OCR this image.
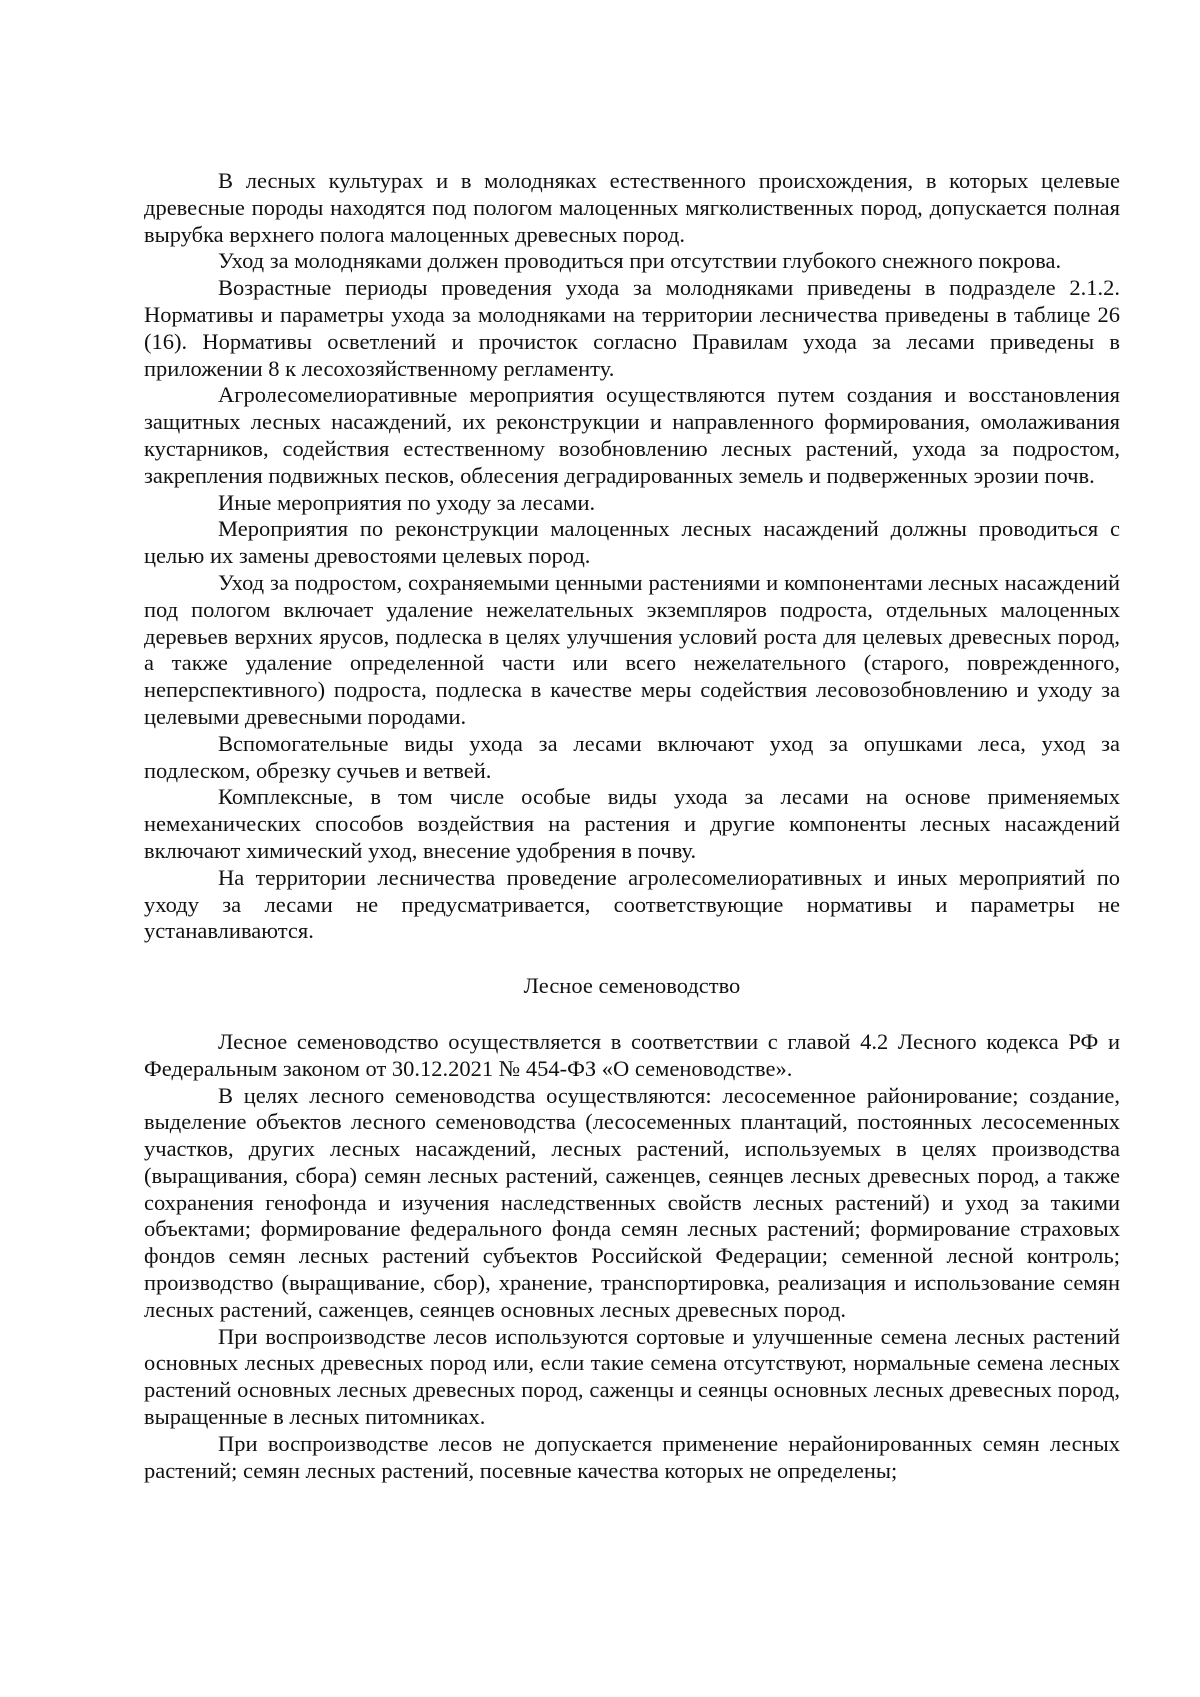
В лесных культурах и в молодняках естественного происхождения, в которых целевые древесные породы находятся под пологом малоценных мягколиственных пород, допускается полная вырубка верхнего полога малоценных древесных пород.

Уход за молодняками должен проводиться при отсутствии глубокого снежного покрова.

Возрастные периоды проведения ухода за молодняками приведены в подразделе 2.1.2. Нормативы и параметры ухода за молодняками на территории лесничества приведены в таблице 26 (16). Нормативы осветлений и прочисток согласно Правилам ухода за лесами приведены в приложении 8 к лесохозяйственному регламенту.

Агролесомелиоративные мероприятия осуществляются путем создания и восстановления защитных лесных насаждений, их реконструкции и направленного формирования, омолаживания кустарников, содействия естественному возобновлению лесных растений, ухода за подростом, закрепления подвижных песков, облесения деградированных земель и подверженных эрозии почв.

Иные мероприятия по уходу за лесами.

Мероприятия по реконструкции малоценных лесных насаждений должны проводиться с целью их замены древостоями целевых пород.

Уход за подростом, сохраняемыми ценными растениями и компонентами лесных насаждений под пологом включает удаление нежелательных экземпляров подроста, отдельных малоценных деревьев верхних ярусов, подлеска в целях улучшения условий роста для целевых древесных пород, а также удаление определенной части или всего нежелательного (старого, поврежденного, неперспективного) подроста, подлеска в качестве меры содействия лесовозобновлению и уходу за целевыми древесными породами.

Вспомогательные виды ухода за лесами включают уход за опушками леса, уход за подлеском, обрезку сучьев и ветвей.

Комплексные, в том числе особые виды ухода за лесами на основе применяемых немеханических способов воздействия на растения и другие компоненты лесных насаждений включают химический уход, внесение удобрения в почву.

На территории лесничества проведение агролесомелиоративных и иных мероприятий по уходу за лесами не предусматривается, соответствующие нормативы и параметры не устанавливаются.

Лесное семеноводство

Лесное семеноводство осуществляется в соответствии с главой 4.2 Лесного кодекса РФ и Федеральным законом от 30.12.2021 № 454-ФЗ «О семеноводстве».

В целях лесного семеноводства осуществляются: лесосеменное районирование; создание, выделение объектов лесного семеноводства (лесосеменных плантаций, постоянных лесосеменных участков, других лесных насаждений, лесных растений, используемых в целях производства (выращивания, сбора) семян лесных растений, саженцев, сеянцев лесных древесных пород, а также сохранения генофонда и изучения наследственных свойств лесных растений) и уход за такими объектами; формирование федерального фонда семян лесных растений; формирование страховых фондов семян лесных растений субъектов Российской Федерации; семенной лесной контроль; производство (выращивание, сбор), хранение, транспортировка, реализация и использование семян лесных растений, саженцев, сеянцев основных лесных древесных пород.

При воспроизводстве лесов используются сортовые и улучшенные семена лесных растений основных лесных древесных пород или, если такие семена отсутствуют, нормальные семена лесных растений основных лесных древесных пород, саженцы и сеянцы основных лесных древесных пород, выращенные в лесных питомниках.

При воспроизводстве лесов не допускается применение нерайонированных семян лесных растений; семян лесных растений, посевные качества которых не определены;
